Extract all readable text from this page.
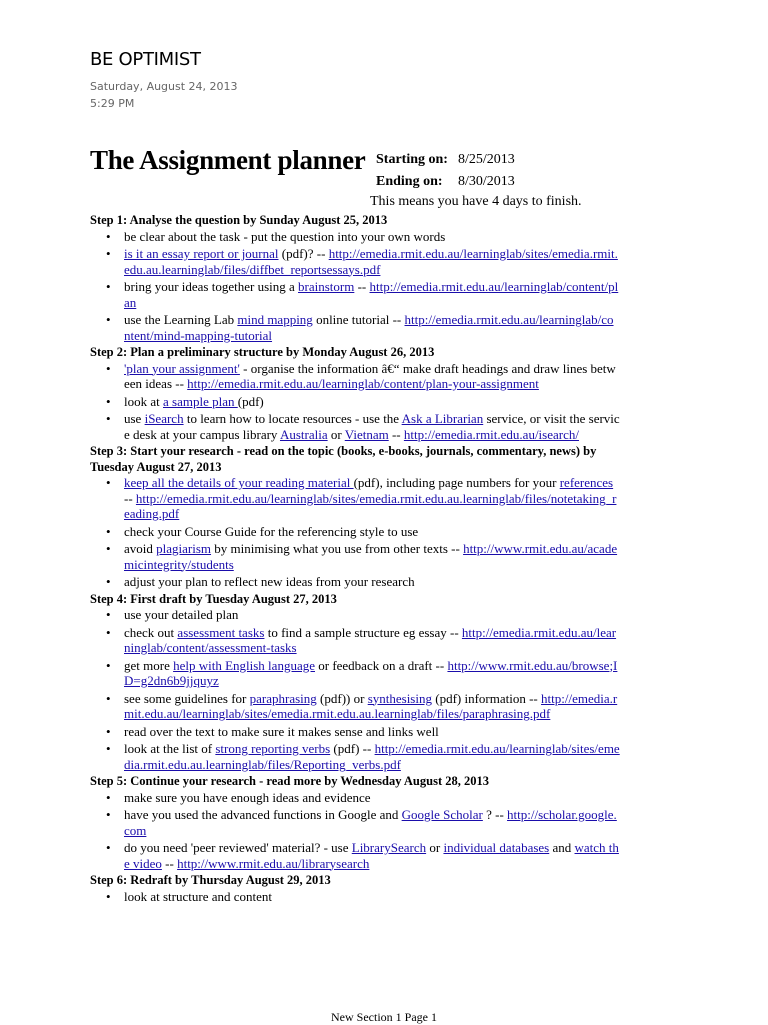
BE OPTIMIST
Saturday, August 24, 2013
5:29 PM
The Assignment planner Starting on: 8/25/2013
Ending on: 8/30/2013
This means you have 4 days to finish.
Step 1: Analyse the question by Sunday August 25, 2013
• be clear about the task - put the question into your own words
• is it an essay report or journal (pdf)? -- http://emedia.rmit.edu.au/learninglab/sites/emedia.rmit.edu.au.learninglab/files/diffbet_reportsessays.pdf
• bring your ideas together using a brainstorm -- http://emedia.rmit.edu.au/learninglab/content/plan
• use the Learning Lab mind mapping online tutorial -- http://emedia.rmit.edu.au/learninglab/content/mind-mapping-tutorial
Step 2: Plan a preliminary structure by Monday August 26, 2013
• 'plan your assignment' - organise the information â€“ make draft headings and draw lines between ideas -- http://emedia.rmit.edu.au/learninglab/content/plan-your-assignment
• look at a sample plan (pdf)
• use iSearch to learn how to locate resources - use the Ask a Librarian service, or visit the service desk at your campus library Australia or Vietnam -- http://emedia.rmit.edu.au/isearch/
Step 3: Start your research - read on the topic (books, e-books, journals, commentary, news) by Tuesday August 27, 2013
• keep all the details of your reading material (pdf), including page numbers for your references -- http://emedia.rmit.edu.au/learninglab/sites/emedia.rmit.edu.au.learninglab/files/notetaking_reading.pdf
• check your Course Guide for the referencing style to use
• avoid plagiarism by minimising what you use from other texts -- http://www.rmit.edu.au/academicintegrity/students
• adjust your plan to reflect new ideas from your research
Step 4: First draft by Tuesday August 27, 2013
• use your detailed plan
• check out assessment tasks to find a sample structure eg essay -- http://emedia.rmit.edu.au/learninglab/content/assessment-tasks
• get more help with English language or feedback on a draft -- http://www.rmit.edu.au/browse;ID=g2dn6b9jjquyz
• see some guidelines for paraphrasing (pdf)) or synthesising (pdf) information -- http://emedia.rmit.edu.au/learninglab/sites/emedia.rmit.edu.au.learninglab/files/paraphrasing.pdf
• read over the text to make sure it makes sense and links well
• look at the list of strong reporting verbs (pdf) -- http://emedia.rmit.edu.au/learninglab/sites/emedia.rmit.edu.au.learninglab/files/Reporting_verbs.pdf
Step 5: Continue your research - read more by Wednesday August 28, 2013
• make sure you have enough ideas and evidence
• have you used the advanced functions in Google and Google Scholar ? -- http://scholar.google.com
• do you need 'peer reviewed' material? - use LibrarySearch or individual databases and watch the video -- http://www.rmit.edu.au/librarysearch
Step 6: Redraft by Thursday August 29, 2013
• look at structure and content
New Section 1 Page 1
